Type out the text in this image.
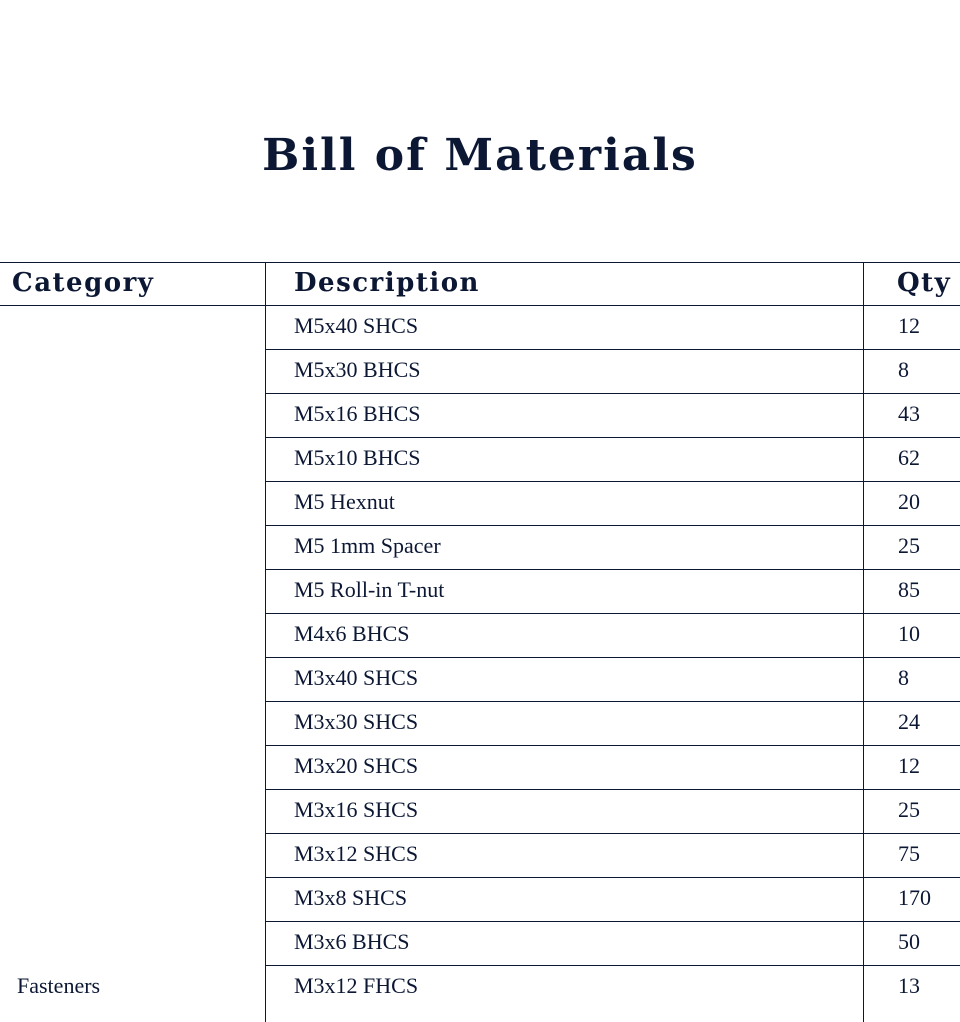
Bill of Materials
Category	Description	Qty
Fasteners
M5x40 SHCS	12
M5x30 BHCS	8
M5x16 BHCS	43
M5x10 BHCS	62
M5 Hexnut	20
M5 1mm Spacer	25
M5 Roll-in T-nut	85
M4x6 BHCS	10
M3x40 SHCS	8
M3x30 SHCS	24
M3x20 SHCS	12
M3x16 SHCS	25
M3x12 SHCS	75
M3x8 SHCS	170
M3x6 BHCS	50
M3x12 FHCS	13
